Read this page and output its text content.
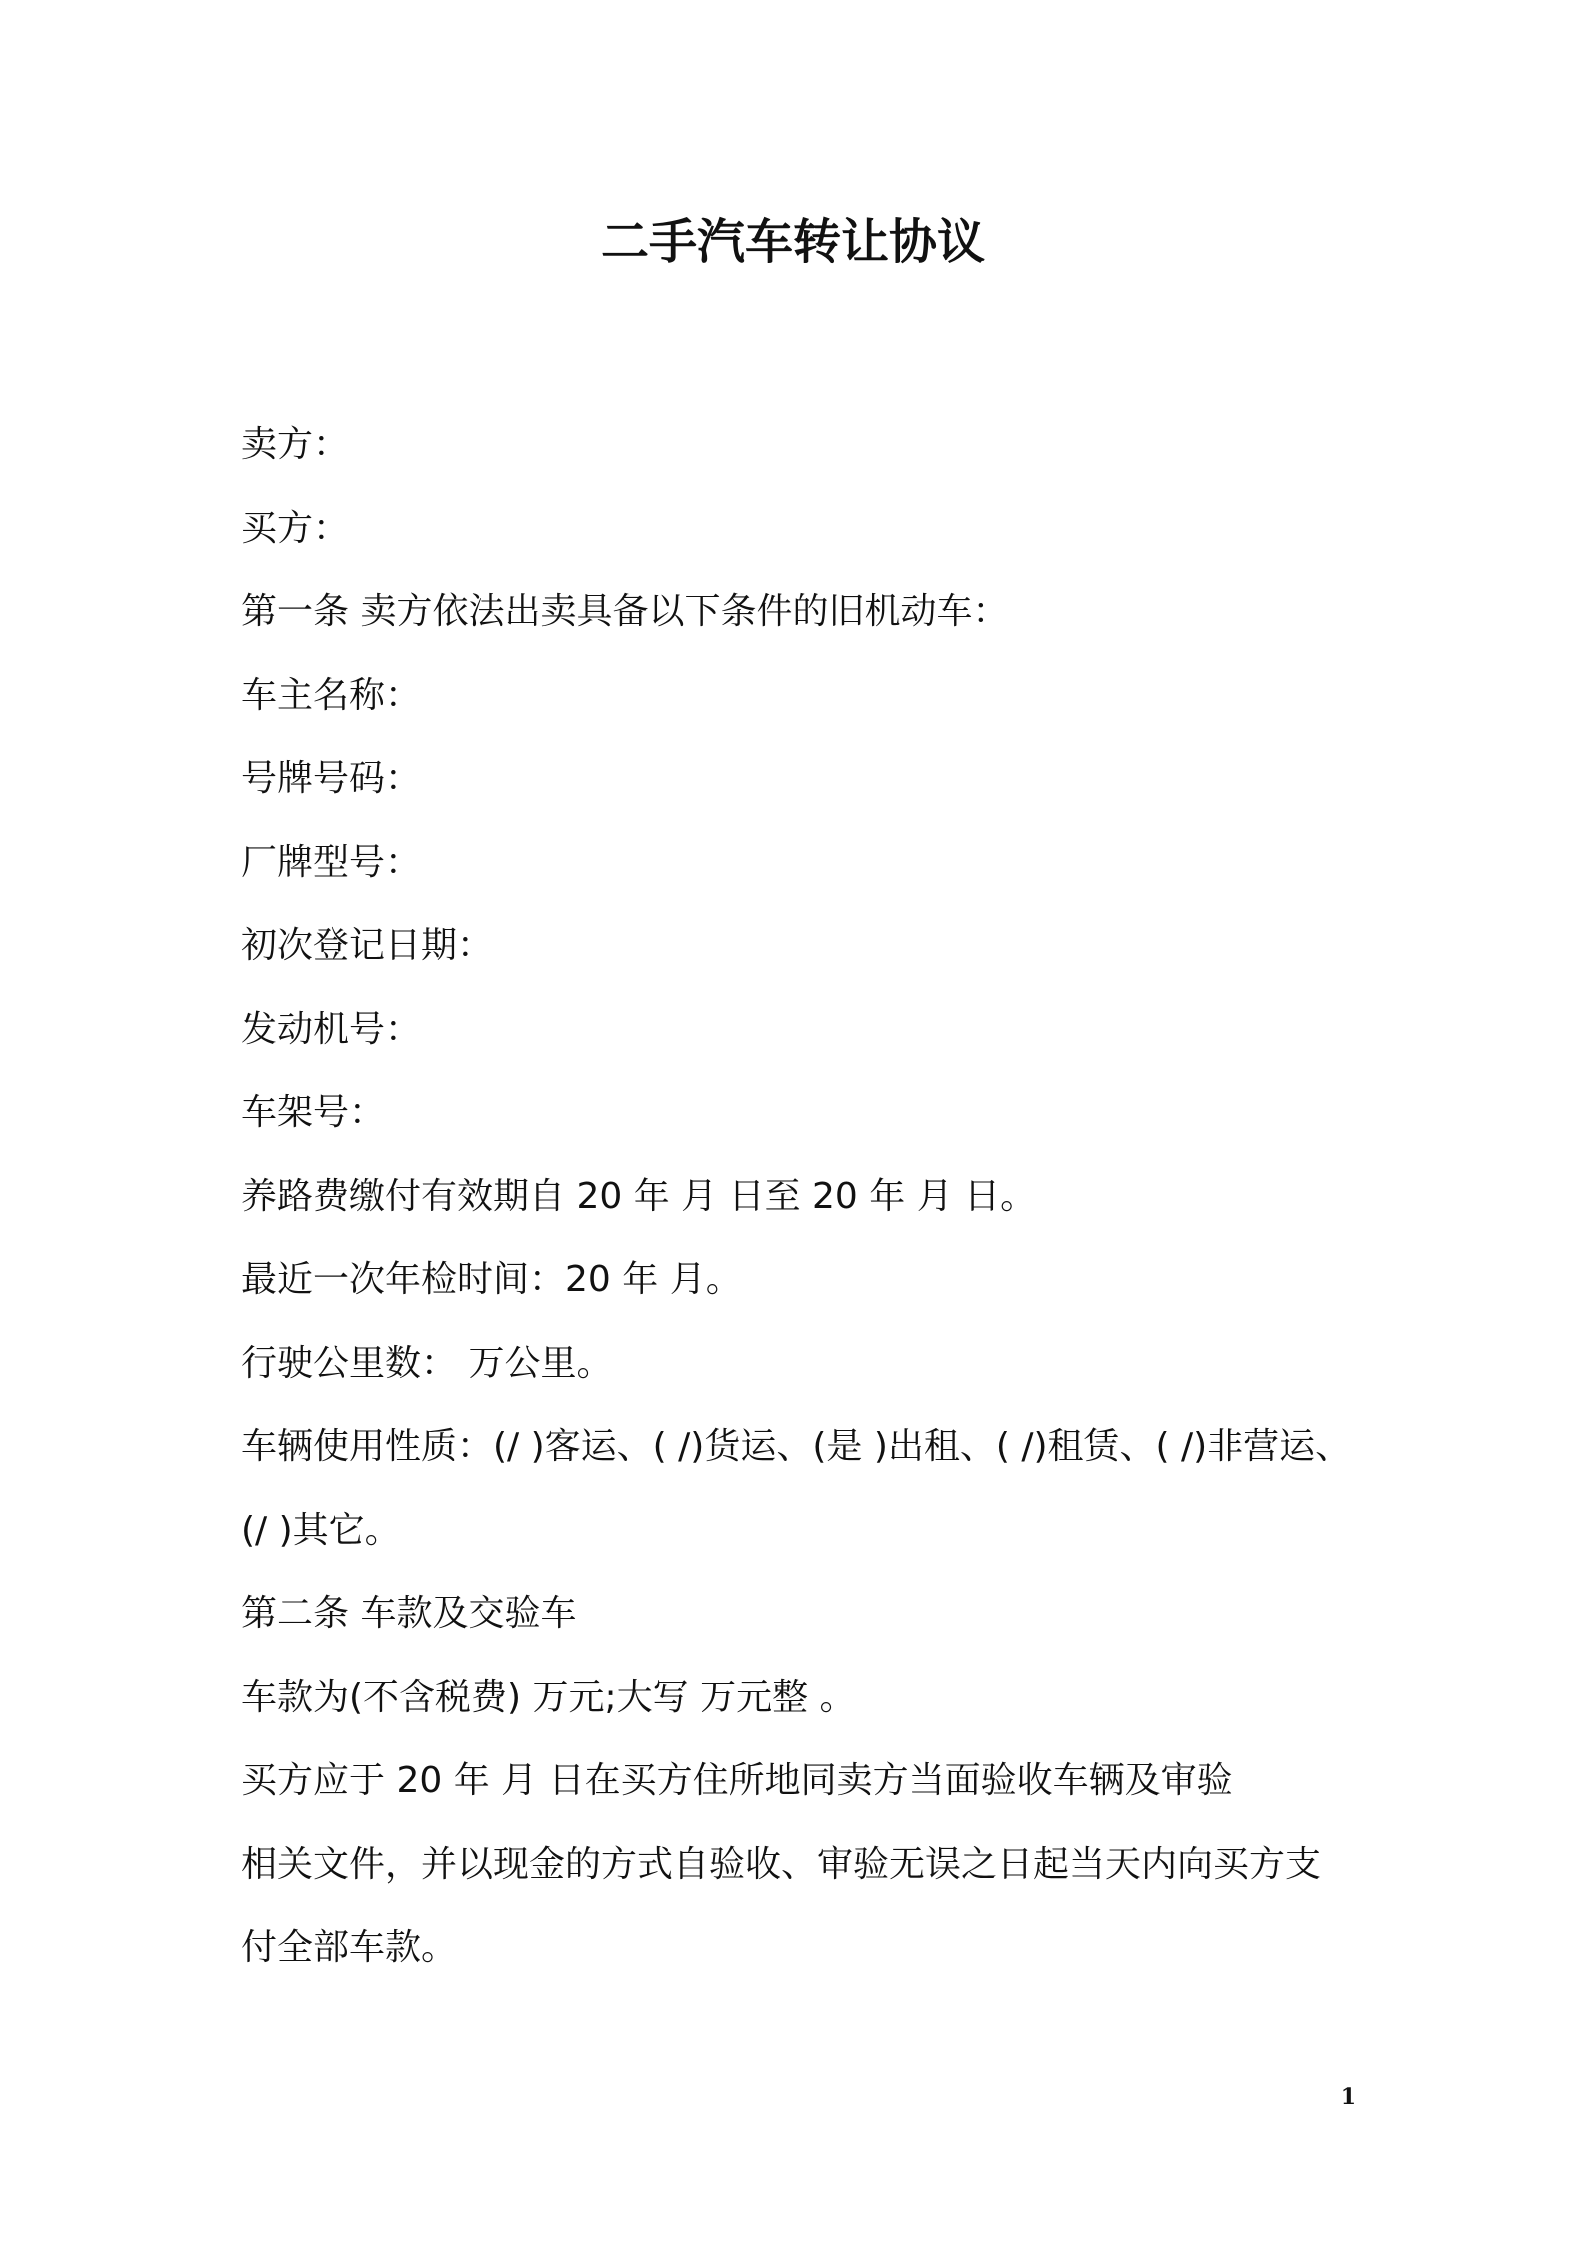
二手汽车转让协议
卖方：
买方：
第一条 卖方依法出卖具备以下条件的旧机动车：
车主名称：
号牌号码：
厂牌型号：
初次登记日期：
发动机号：
车架号：
养路费缴付有效期自 20 年 月 日至 20 年 月 日。
最近一次年检时间：20 年 月。
行驶公里数： 万公里。
车辆使用性质：(/ )客运、( /)货运、(是 )出租、( /)租赁、( /)非营运、
(/ )其它。
第二条 车款及交验车
车款为(不含税费) 万元;大写 万元整 。
买方应于 20 年 月 日在买方住所地同卖方当面验收车辆及审验
相关文件，并以现金的方式自验收、审验无误之日起当天内向买方支
付全部车款。
1
